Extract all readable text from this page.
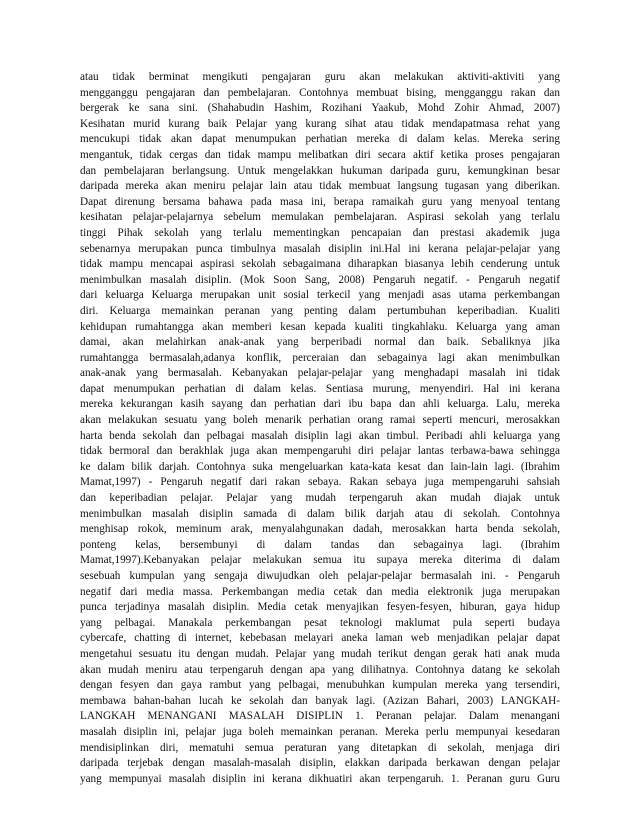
atau tidak berminat mengikuti pengajaran guru akan melakukan aktiviti-aktiviti yang
mengganggu pengajaran dan pembelajaran. Contohnya membuat bising, mengganggu rakan dan
bergerak ke sana sini. (Shahabudin Hashim, Rozihani Yaakub, Mohd Zohir Ahmad, 2007)
Kesihatan murid kurang baik Pelajar yang kurang sihat atau tidak mendapatmasa rehat yang
mencukupi tidak akan dapat menumpukan perhatian mereka di dalam kelas. Mereka sering
mengantuk, tidak cergas dan tidak mampu melibatkan diri secara aktif ketika proses pengajaran
dan pembelajaran berlangsung. Untuk mengelakkan hukuman daripada guru, kemungkinan besar
daripada mereka akan meniru pelajar lain atau tidak membuat langsung tugasan yang diberikan.
Dapat direnung bersama bahawa pada masa ini, berapa ramaikah guru yang menyoal tentang
kesihatan pelajar-pelajarnya sebelum memulakan pembelajaran. Aspirasi sekolah yang terlalu
tinggi Pihak sekolah yang terlalu mementingkan pencapaian dan prestasi akademik juga
sebenarnya merupakan punca timbulnya masalah disiplin ini.Hal ini kerana pelajar-pelajar yang
tidak mampu mencapai aspirasi sekolah sebagaimana diharapkan biasanya lebih cenderung untuk
menimbulkan masalah disiplin. (Mok Soon Sang, 2008) Pengaruh negatif. - Pengaruh negatif
dari keluarga Keluarga merupakan unit sosial terkecil yang menjadi asas utama perkembangan
diri. Keluarga memainkan peranan yang penting dalam pertumbuhan keperibadian. Kualiti
kehidupan rumahtangga akan memberi kesan kepada kualiti tingkahlaku. Keluarga yang aman
damai, akan melahirkan anak-anak yang berperibadi normal dan baik. Sebaliknya jika
rumahtangga bermasalah,adanya konflik, perceraian dan sebagainya lagi akan menimbulkan
anak-anak yang bermasalah. Kebanyakan pelajar-pelajar yang menghadapi masalah ini tidak
dapat menumpukan perhatian di dalam kelas. Sentiasa murung, menyendiri. Hal ini kerana
mereka kekurangan kasih sayang dan perhatian dari ibu bapa dan ahli keluarga. Lalu, mereka
akan melakukan sesuatu yang boleh menarik perhatian orang ramai seperti mencuri, merosakkan
harta benda sekolah dan pelbagai masalah disiplin lagi akan timbul. Peribadi ahli keluarga yang
tidak bermoral dan berakhlak juga akan mempengaruhi diri pelajar lantas terbawa-bawa sehingga
ke dalam bilik darjah. Contohnya suka mengeluarkan kata-kata kesat dan lain-lain lagi. (Ibrahim
Mamat,1997) - Pengaruh negatif dari rakan sebaya. Rakan sebaya juga mempengaruhi sahsiah
dan keperibadian pelajar. Pelajar yang mudah terpengaruh akan mudah diajak untuk
menimbulkan masalah disiplin samada di dalam bilik darjah atau di sekolah. Contohnya
menghisap rokok, meminum arak, menyalahgunakan dadah, merosakkan harta benda sekolah,
ponteng kelas, bersembunyi di dalam tandas dan sebagainya lagi. (Ibrahim
Mamat,1997).Kebanyakan pelajar melakukan semua itu supaya mereka diterima di dalam
sesebuah kumpulan yang sengaja diwujudkan oleh pelajar-pelajar bermasalah ini. - Pengaruh
negatif dari media massa. Perkembangan media cetak dan media elektronik juga merupakan
punca terjadinya masalah disiplin. Media cetak menyajikan fesyen-fesyen, hiburan, gaya hidup
yang pelbagai. Manakala perkembangan pesat teknologi maklumat pula seperti budaya
cybercafe, chatting di internet, kebebasan melayari aneka laman web menjadikan pelajar dapat
mengetahui sesuatu itu dengan mudah. Pelajar yang mudah terikut dengan gerak hati anak muda
akan mudah meniru atau terpengaruh dengan apa yang dilihatnya. Contohnya datang ke sekolah
dengan fesyen dan gaya rambut yang pelbagai, menubuhkan kumpulan mereka yang tersendiri,
membawa bahan-bahan lucah ke sekolah dan banyak lagi. (Azizan Bahari, 2003) LANGKAH-
LANGKAH MENANGANI MASALAH DISIPLIN 1. Peranan pelajar. Dalam menangani
masalah disiplin ini, pelajar juga boleh memainkan peranan. Mereka perlu mempunyai kesedaran
mendisiplinkan diri, mematuhi semua peraturan yang ditetapkan di sekolah, menjaga diri
daripada terjebak dengan masalah-masalah disiplin, elakkan daripada berkawan dengan pelajar
yang mempunyai masalah disiplin ini kerana dikhuatiri akan terpengaruh. 1. Peranan guru Guru
